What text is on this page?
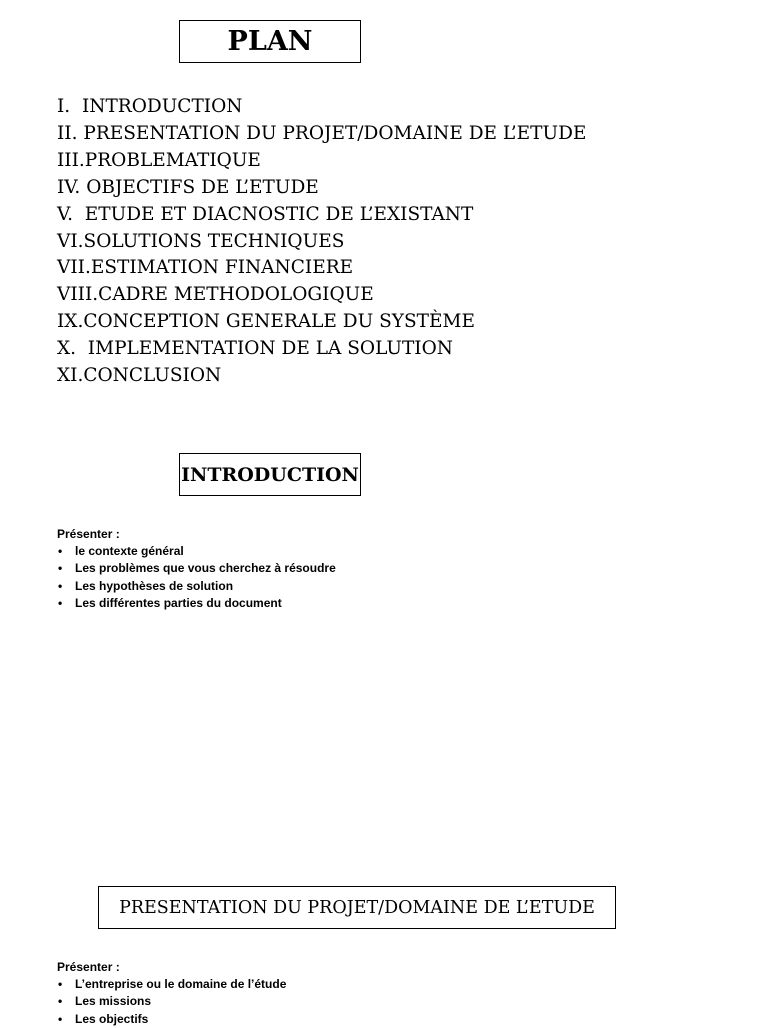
PLAN
I.  INTRODUCTION
II. PRESENTATION DU PROJET/DOMAINE DE L’ETUDE
III.PROBLEMATIQUE
IV. OBJECTIFS DE L’ETUDE
V.  ETUDE ET DIACNOSTIC DE L’EXISTANT
VI.SOLUTIONS TECHNIQUES
VII.ESTIMATION FINANCIERE
VIII.CADRE METHODOLOGIQUE
IX.CONCEPTION GENERALE DU SYSTÈME
X.  IMPLEMENTATION DE LA SOLUTION
XI.CONCLUSION
INTRODUCTION

Présenter :

• le contexte général
• Les problèmes que vous cherchez à résoudre
• Les hypothèses de solution
• Les différentes parties du document
PRESENTATION DU PROJET/DOMAINE DE L’ETUDE

Présenter :

• L’entreprise ou le domaine de l’étude
• Les missions
• Les objectifs
